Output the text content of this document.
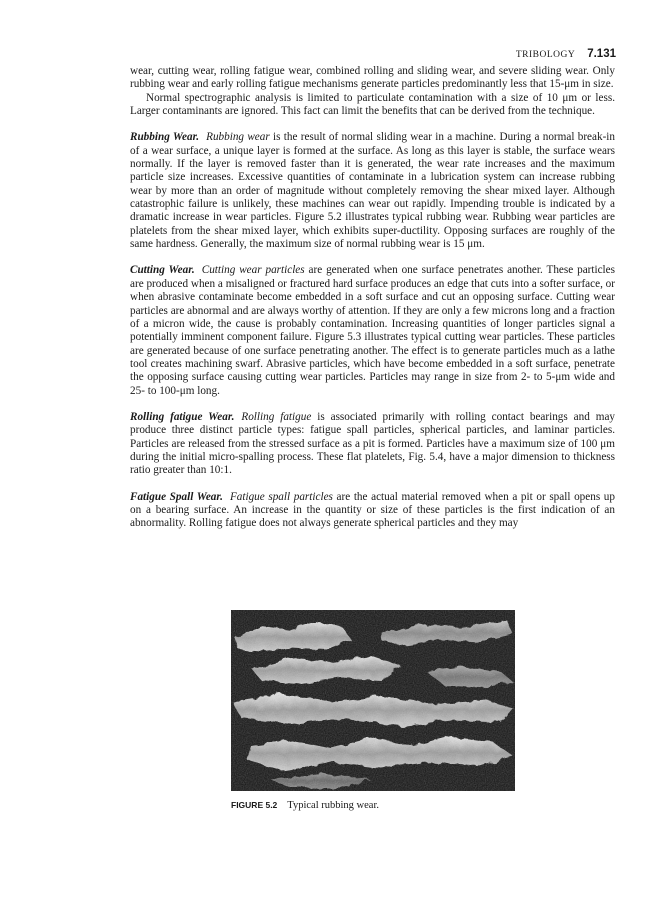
TRIBOLOGY 7.131

wear, cutting wear, rolling fatigue wear, combined rolling and sliding wear, and severe sliding wear. Only rubbing wear and early rolling fatigue mechanisms generate particles predominantly less that 15-μm in size.

Normal spectrographic analysis is limited to particulate contamination with a size of 10 μm or less. Larger contaminants are ignored. This fact can limit the benefits that can be derived from the technique.

Rubbing Wear. Rubbing wear is the result of normal sliding wear in a machine. During a normal break-in of a wear surface, a unique layer is formed at the surface. As long as this layer is stable, the surface wears normally. If the layer is removed faster than it is generated, the wear rate increases and the maximum particle size increases. Excessive quantities of contaminate in a lubrication system can increase rubbing wear by more than an order of magnitude without completely removing the shear mixed layer. Although catastrophic failure is unlikely, these machines can wear out rapidly. Impending trouble is indicated by a dramatic increase in wear particles. Figure 5.2 illustrates typical rubbing wear. Rubbing wear particles are platelets from the shear mixed layer, which exhibits super-ductility. Opposing surfaces are roughly of the same hardness. Generally, the maximum size of normal rubbing wear is 15 μm.

Cutting Wear. Cutting wear particles are generated when one surface penetrates another. These particles are produced when a misaligned or fractured hard surface produces an edge that cuts into a softer surface, or when abrasive contaminate become embedded in a soft surface and cut an opposing surface. Cutting wear particles are abnormal and are always worthy of attention. If they are only a few microns long and a fraction of a micron wide, the cause is probably contamination. Increasing quantities of longer particles signal a potentially imminent component failure. Figure 5.3 illustrates typical cutting wear particles. These particles are generated because of one surface penetrating another. The effect is to generate particles much as a lathe tool creates machining swarf. Abrasive particles, which have become embedded in a soft surface, penetrate the opposing surface causing cutting wear particles. Particles may range in size from 2- to 5-μm wide and 25- to 100-μm long.

Rolling fatigue Wear. Rolling fatigue is associated primarily with rolling contact bearings and may produce three distinct particle types: fatigue spall particles, spherical particles, and laminar particles. Particles are released from the stressed surface as a pit is formed. Particles have a maximum size of 100 μm during the initial micro-spalling process. These flat platelets, Fig. 5.4, have a major dimension to thickness ratio greater than 10:1.

Fatigue Spall Wear. Fatigue spall particles are the actual material removed when a pit or spall opens up on a bearing surface. An increase in the quantity or size of these particles is the first indication of an abnormality. Rolling fatigue does not always generate spherical particles and they may

FIGURE 5.2 Typical rubbing wear.
